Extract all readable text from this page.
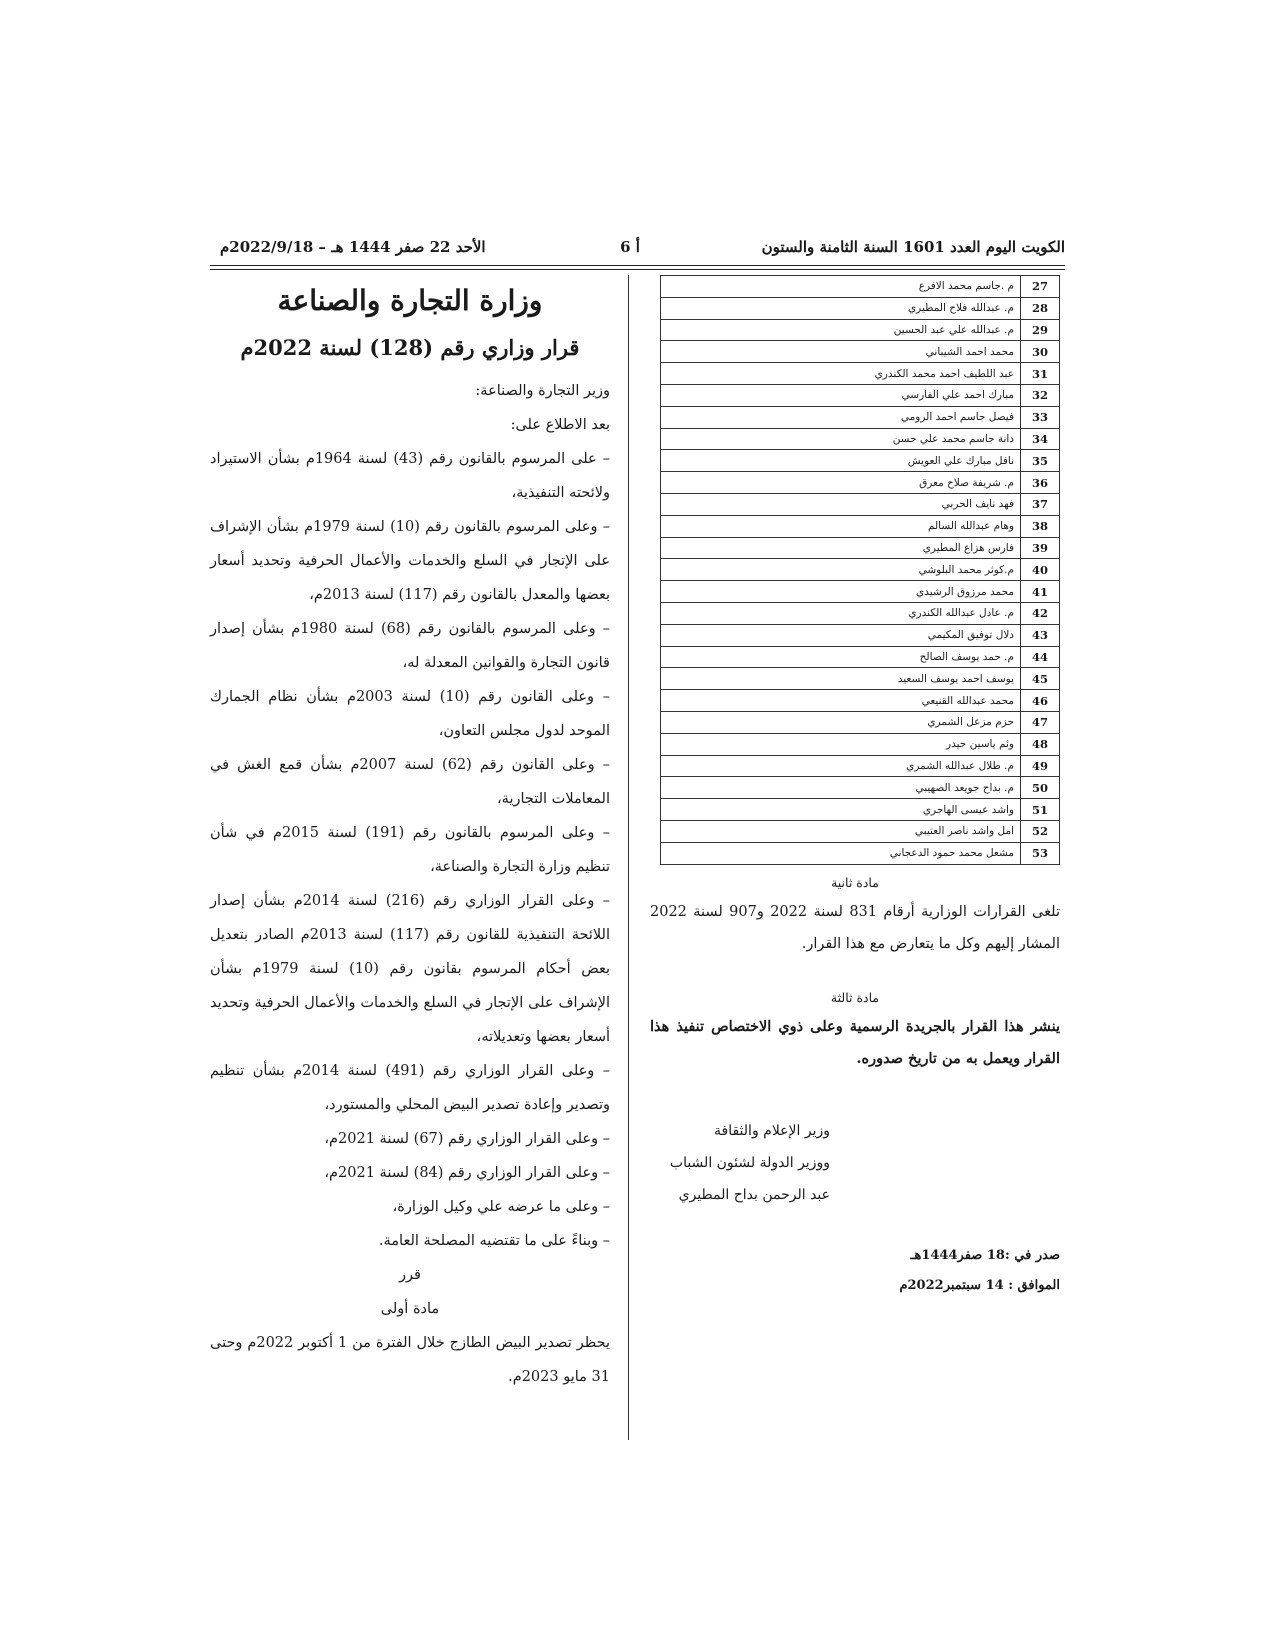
الكويت اليوم العدد 1601 السنة الثامنة والستون
أ 6
الأحد 22 صفر 1444 هـ – 2022/9/18م
27	م .جاسم محمد الافرع
28	م. عبدالله فلاح المطيري
29	م. عبدالله علي عبد الحسين
30	محمد احمد الشيباني
31	عبد اللطيف احمد محمد الكندري
32	مبارك احمد علي الفارسي
33	فيصل جاسم احمد الرومي
34	دانة جاسم محمد علي حسن
35	نافل مبارك علي العويش
36	م. شريفة صلاح معرق
37	فهد نايف الحربي
38	وهام عبدالله السالم
39	فارس هزاع المطيري
40	م.كوثر محمد البلوشي
41	محمد مرزوق الرشيدي
42	م. عادل عبدالله الكندري
43	دلال توفيق المكيمي
44	م. حمد يوسف الصالح
45	يوسف احمد يوسف السعيد
46	محمد عبدالله القنيعي
47	حزم مزعل الشمري
48	وئم ياسين حيدر
49	م. طلال عبدالله الشمري
50	م. بداح جويعد الصهيبي
51	واشد عيسى الهاجري
52	امل واشد ناصر العتيبي
53	مشعل محمد حمود الدعجاني
مادة ثانية
تلغى القرارات الوزارية أرقام 831 لسنة 2022 و907 لسنة 2022 المشار إليهم وكل ما يتعارض مع هذا القرار.
مادة ثالثة
ينشر هذا القرار بالجريدة الرسمية وعلى ذوي الاختصاص تنفيذ هذا القرار ويعمل به من تاريخ صدوره.
وزير الإعلام والثقافة
ووزير الدولة لشئون الشباب
عبد الرحمن بداح المطيري
صدر في :18 صفر1444هـ
الموافق : 14 سبتمبر2022م
وزارة التجارة والصناعة
قرار وزاري رقم (128) لسنة 2022م
وزير التجارة والصناعة:
بعد الاطلاع على:
– على المرسوم بالقانون رقم (43) لسنة 1964م بشأن الاستيراد ولائحته التنفيذية،
– وعلى المرسوم بالقانون رقم (10) لسنة 1979م بشأن الإشراف على الإتجار في السلع والخدمات والأعمال الحرفية وتحديد أسعار بعضها والمعدل بالقانون رقم (117) لسنة 2013م،
– وعلى المرسوم بالقانون رقم (68) لسنة 1980م بشأن إصدار قانون التجارة والقوانين المعدلة له،
– وعلى القانون رقم (10) لسنة 2003م بشأن نظام الجمارك الموحد لدول مجلس التعاون،
– وعلى القانون رقم (62) لسنة 2007م بشأن قمع الغش في المعاملات التجارية،
– وعلى المرسوم بالقانون رقم (191) لسنة 2015م في شأن تنظيم وزارة التجارة والصناعة،
– وعلى القرار الوزاري رقم (216) لسنة 2014م بشأن إصدار اللائحة التنفيذية للقانون رقم (117) لسنة 2013م الصادر بتعديل بعض أحكام المرسوم بقانون رقم (10) لسنة 1979م بشأن الإشراف على الإتجار في السلع والخدمات والأعمال الحرفية وتحديد أسعار بعضها وتعديلاته،
– وعلى القرار الوزاري رقم (491) لسنة 2014م بشأن تنظيم وتصدير وإعادة تصدير البيض المحلي والمستورد،
– وعلى القرار الوزاري رقم (67) لسنة 2021م،
– وعلى القرار الوزاري رقم (84) لسنة 2021م،
– وعلى ما عرضه علي وكيل الوزارة،
– وبناءً على ما تقتضيه المصلحة العامة.
قرر
مادة أولى
يحظر تصدير البيض الطازج خلال الفترة من 1 أكتوبر 2022م وحتى 31 مايو 2023م.
